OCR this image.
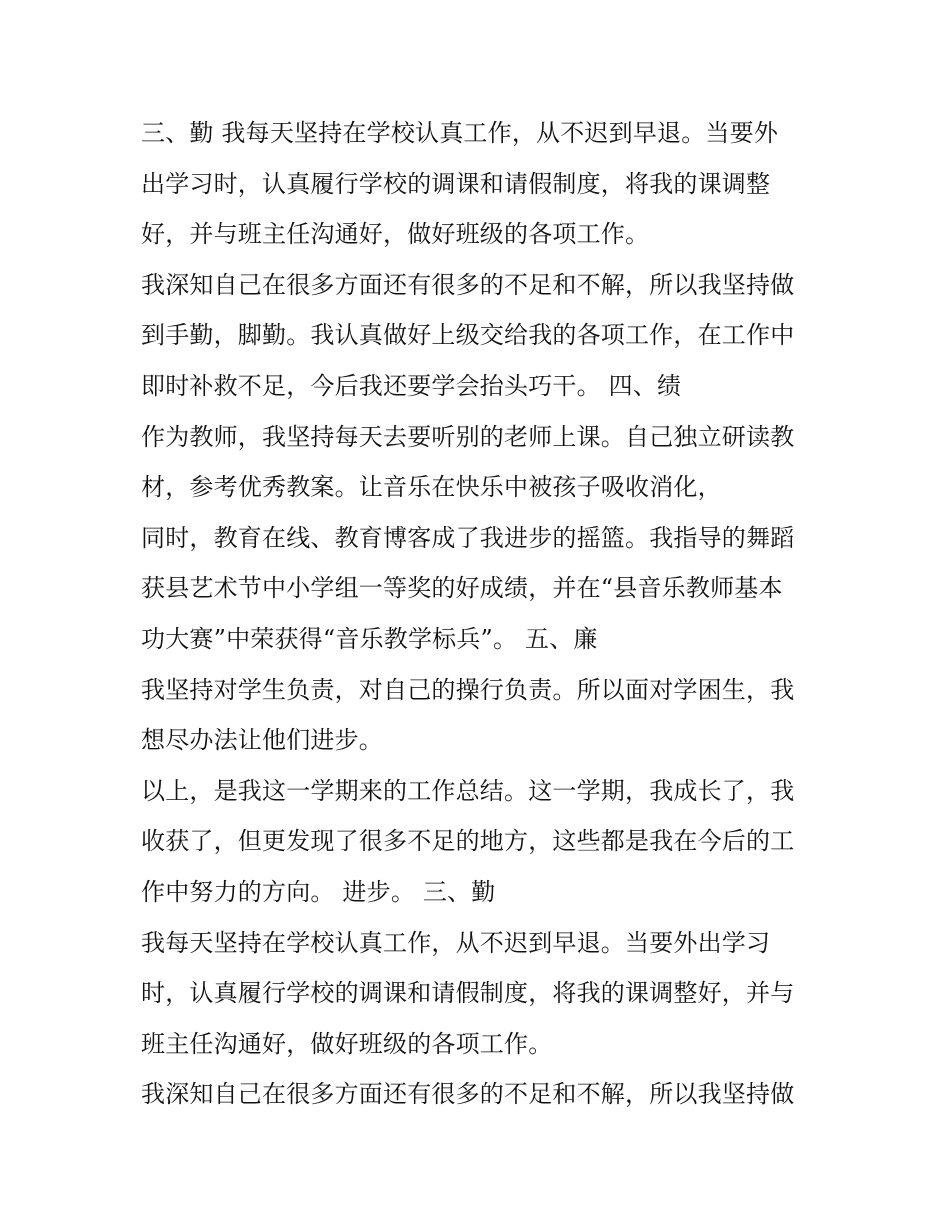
三、勤 我每天坚持在学校认真工作，从不迟到早退。当要外
出学习时，认真履行学校的调课和请假制度，将我的课调整
好，并与班主任沟通好，做好班级的各项工作。
我深知自己在很多方面还有很多的不足和不解，所以我坚持做
到手勤，脚勤。我认真做好上级交给我的各项工作，在工作中
即时补救不足，今后我还要学会抬头巧干。 四、绩
作为教师，我坚持每天去要听别的老师上课。自己独立研读教
材，参考优秀教案。让音乐在快乐中被孩子吸收消化，
同时，教育在线、教育博客成了我进步的摇篮。我指导的舞蹈
获县艺术节中小学组一等奖的好成绩，并在“县音乐教师基本
功大赛”中荣获得“音乐教学标兵”。 五、廉
我坚持对学生负责，对自己的操行负责。所以面对学困生，我
想尽办法让他们进步。
以上，是我这一学期来的工作总结。这一学期，我成长了，我
收获了，但更发现了很多不足的地方，这些都是我在今后的工
作中努力的方向。 进步。 三、勤
我每天坚持在学校认真工作，从不迟到早退。当要外出学习
时，认真履行学校的调课和请假制度，将我的课调整好，并与
班主任沟通好，做好班级的各项工作。
我深知自己在很多方面还有很多的不足和不解，所以我坚持做
